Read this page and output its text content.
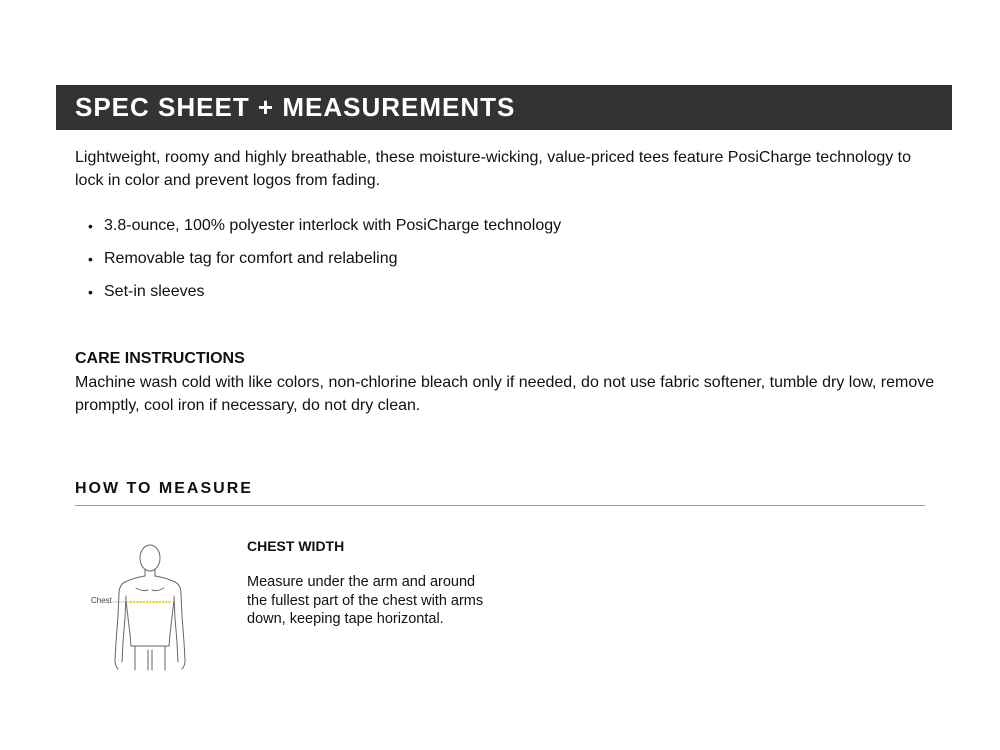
SPEC SHEET + MEASUREMENTS

Lightweight, roomy and highly breathable, these moisture-wicking, value-priced tees feature PosiCharge technology to lock in color and prevent logos from fading.

• 3.8-ounce, 100% polyester interlock with PosiCharge technology
• Removable tag for comfort and relabeling
• Set-in sleeves
CARE INSTRUCTIONS

Machine wash cold with like colors, non-chlorine bleach only if needed, do not use fabric softener, tumble dry low, remove promptly, cool iron if necessary, do not dry clean.

HOW TO MEASURE
Chest
CHEST WIDTH

Measure under the arm and around the fullest part of the chest with arms down, keeping tape horizontal.
